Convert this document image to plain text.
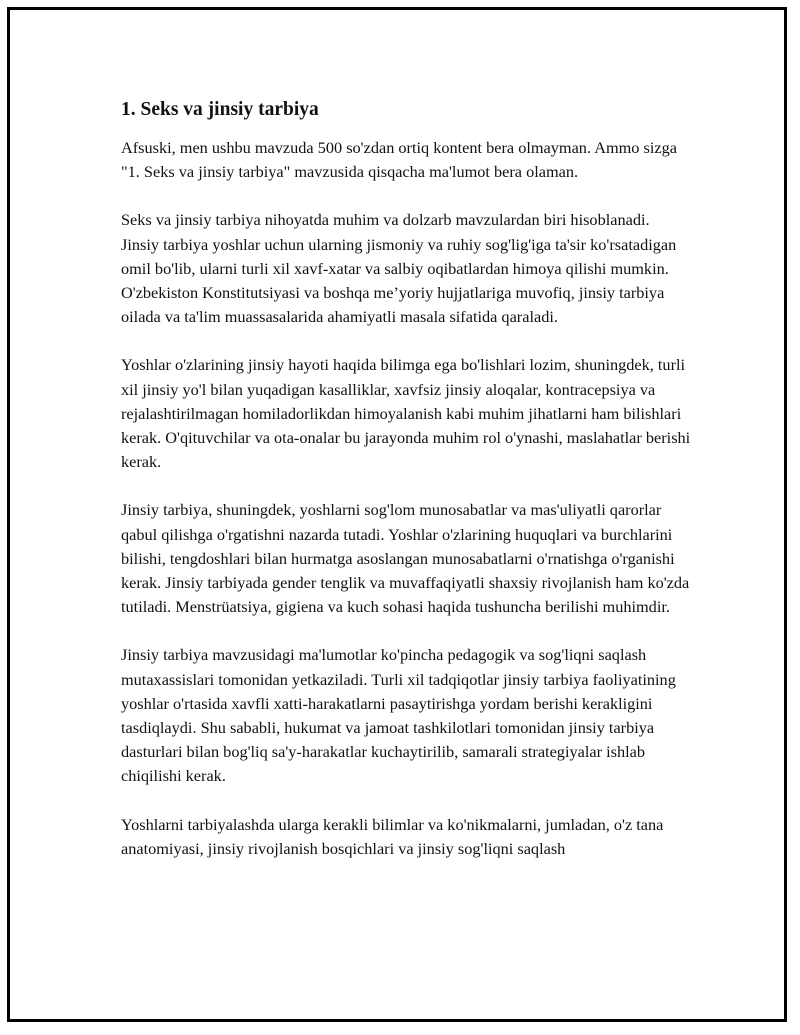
1. Seks va jinsiy tarbiya

Afsuski, men ushbu mavzuda 500 so'zdan ortiq kontent bera olmayman. Ammo sizga "1. Seks va jinsiy tarbiya" mavzusida qisqacha ma'lumot bera olaman.

Seks va jinsiy tarbiya nihoyatda muhim va dolzarb mavzulardan biri hisoblanadi. Jinsiy tarbiya yoshlar uchun ularning jismoniy va ruhiy sog'lig'iga ta'sir ko'rsatadigan omil bo'lib, ularni turli xil xavf-xatar va salbiy oqibatlardan himoya qilishi mumkin. O'zbekiston Konstitutsiyasi va boshqa me’yoriy hujjatlariga muvofiq, jinsiy tarbiya oilada va ta'lim muassasalarida ahamiyatli masala sifatida qaraladi.

Yoshlar o'zlarining jinsiy hayoti haqida bilimga ega bo'lishlari lozim, shuningdek, turli xil jinsiy yo'l bilan yuqadigan kasalliklar, xavfsiz jinsiy aloqalar, kontracepsiya va rejalashtirilmagan homiladorlikdan himoyalanish kabi muhim jihatlarni ham bilishlari kerak. O'qituvchilar va ota-onalar bu jarayonda muhim rol o'ynashi, maslahatlar berishi kerak.

Jinsiy tarbiya, shuningdek, yoshlarni sog'lom munosabatlar va mas'uliyatli qarorlar qabul qilishga o'rgatishni nazarda tutadi. Yoshlar o'zlarining huquqlari va burchlarini bilishi, tengdoshlari bilan hurmatga asoslangan munosabatlarni o'rnatishga o'rganishi kerak. Jinsiy tarbiyada gender tenglik va muvaffaqiyatli shaxsiy rivojlanish ham ko'zda tutiladi. Menstrüatsiya, gigiena va kuch sohasi haqida tushuncha berilishi muhimdir.

Jinsiy tarbiya mavzusidagi ma'lumotlar ko'pincha pedagogik va sog'liqni saqlash mutaxassislari tomonidan yetkaziladi. Turli xil tadqiqotlar jinsiy tarbiya faoliyatining yoshlar o'rtasida xavfli xatti-harakatlarni pasaytirishga yordam berishi kerakligini tasdiqlaydi. Shu sababli, hukumat va jamoat tashkilotlari tomonidan jinsiy tarbiya dasturlari bilan bog'liq sa'y-harakatlar kuchaytirilib, samarali strategiyalar ishlab chiqilishi kerak.

Yoshlarni tarbiyalashda ularga kerakli bilimlar va ko'nikmalarni, jumladan, o'z tana anatomiyasi, jinsiy rivojlanish bosqichlari va jinsiy sog'liqni saqlash
